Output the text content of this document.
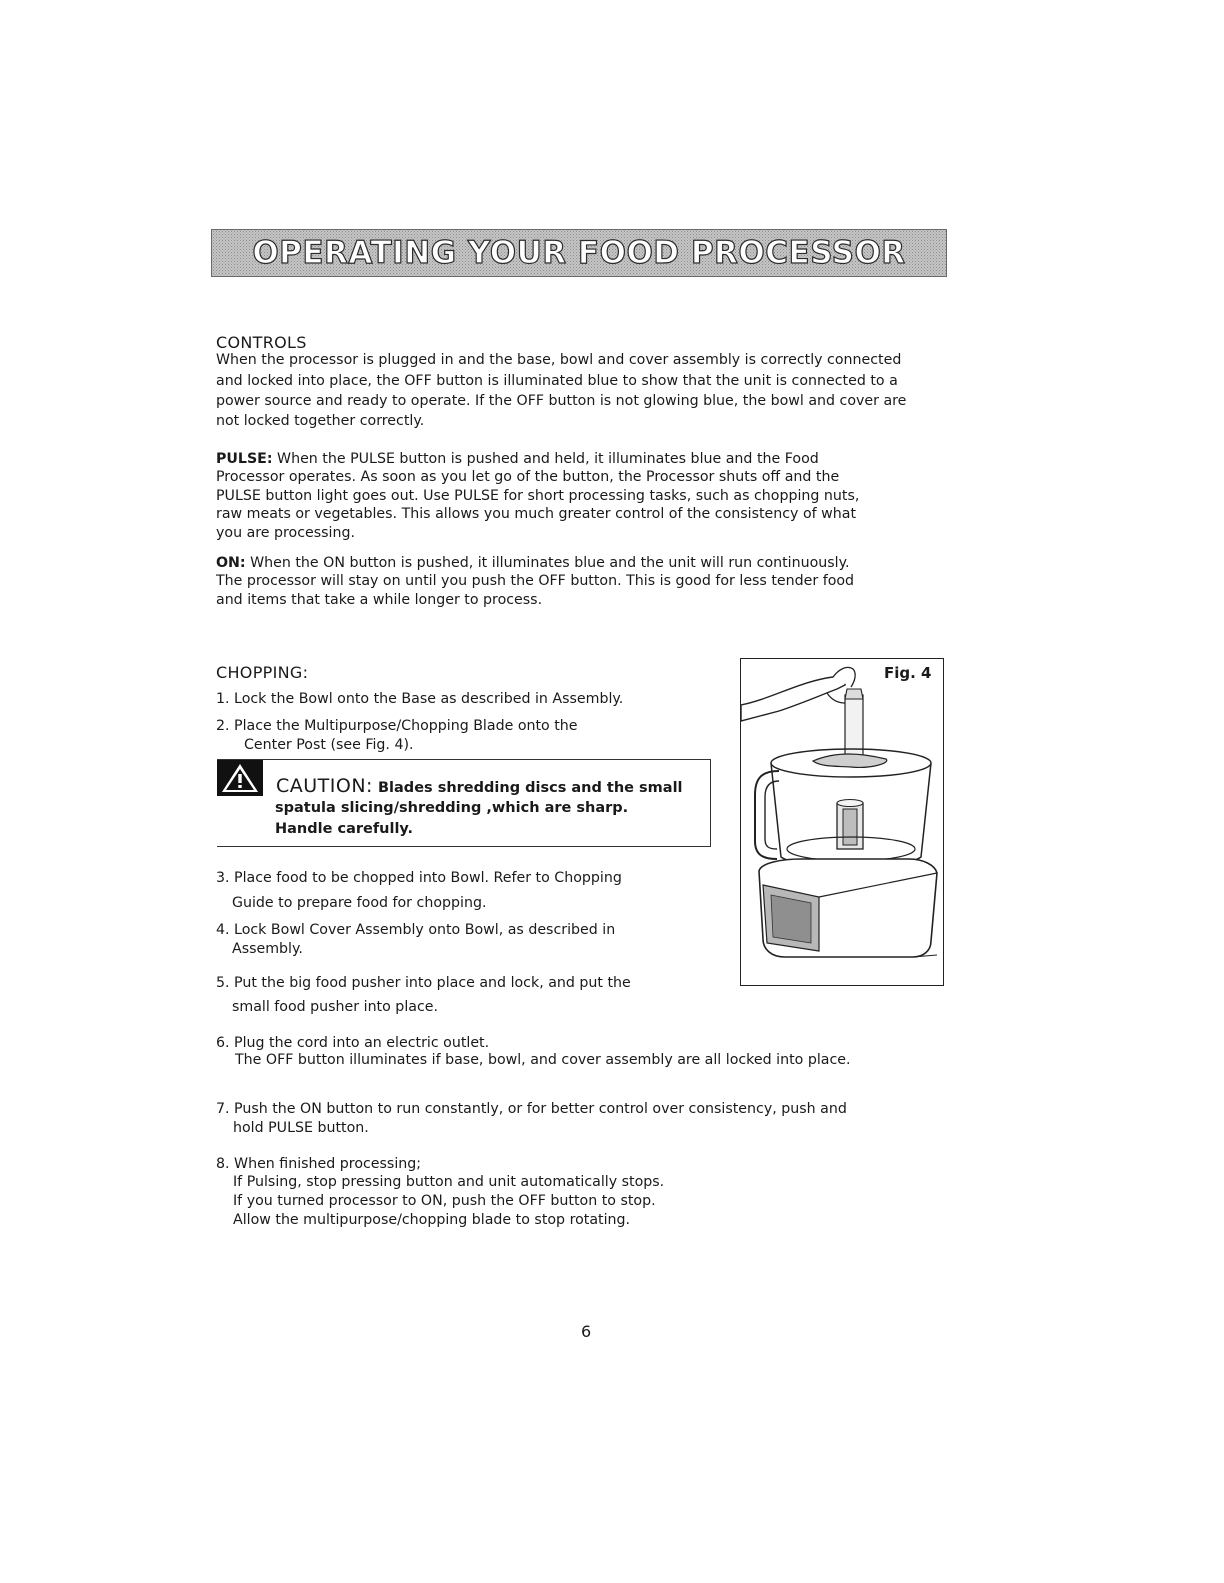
OPERATING YOUR FOOD PROCESSOR
CONTROLS
When the processor is plugged in and the base, bowl and cover assembly is correctly connected
and locked into place, the OFF button is illuminated blue to show that the unit is connected to a
power source and ready to operate. If the OFF button is not glowing blue, the bowl and cover are
not locked together correctly.
PULSE: When the PULSE button is pushed and held, it illuminates blue and the Food
Processor operates. As soon as you let go of the button, the Processor shuts off and the
PULSE button light goes out. Use PULSE for short processing tasks, such as chopping nuts,
raw meats or vegetables. This allows you much greater control of the consistency of what
you are processing.
ON: When the ON button is pushed, it illuminates blue and the unit will run continuously.
The processor will stay on until you push the OFF button. This is good for less tender food
and items that take a while longer to process.
CHOPPING:
1. Lock the Bowl onto the Base as described in Assembly.
2. Place the Multipurpose/Chopping Blade onto the
Center Post (see Fig. 4).
CAUTION: Blades shredding discs and the small
spatula slicing/shredding ,which are sharp.
Handle carefully.
3. Place food to be chopped into Bowl. Refer to Chopping
Guide to prepare food for chopping.
4. Lock Bowl Cover Assembly onto Bowl, as described in
Assembly.
5. Put the big food pusher into place and lock, and put the
small food pusher into place.
6. Plug the cord into an electric outlet.
The OFF button illuminates if base, bowl, and cover assembly are all locked into place.
7. Push the ON button to run constantly, or for better control over consistency, push and
hold PULSE button.
8. When finished processing;
If Pulsing, stop pressing button and unit automatically stops.
If you turned processor to ON, push the OFF button to stop.
Allow the multipurpose/chopping blade to stop rotating.
Fig. 4
6
